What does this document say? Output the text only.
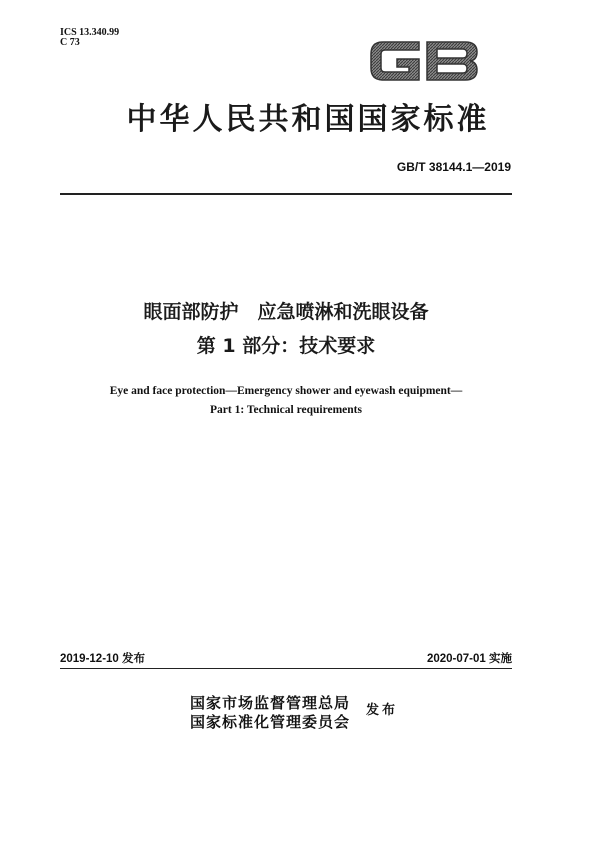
ICS 13.340.99
C 73
中华人民共和国国家标准
GB/T 38144.1—2019
眼面部防护　应急喷淋和洗眼设备
第 1 部分：技术要求
Eye and face protection—Emergency shower and eyewash equipment—
Part 1: Technical requirements
2019-12-10 发布	2020-07-01 实施
国家市场监督管理总局
国家标准化管理委员会
发布
